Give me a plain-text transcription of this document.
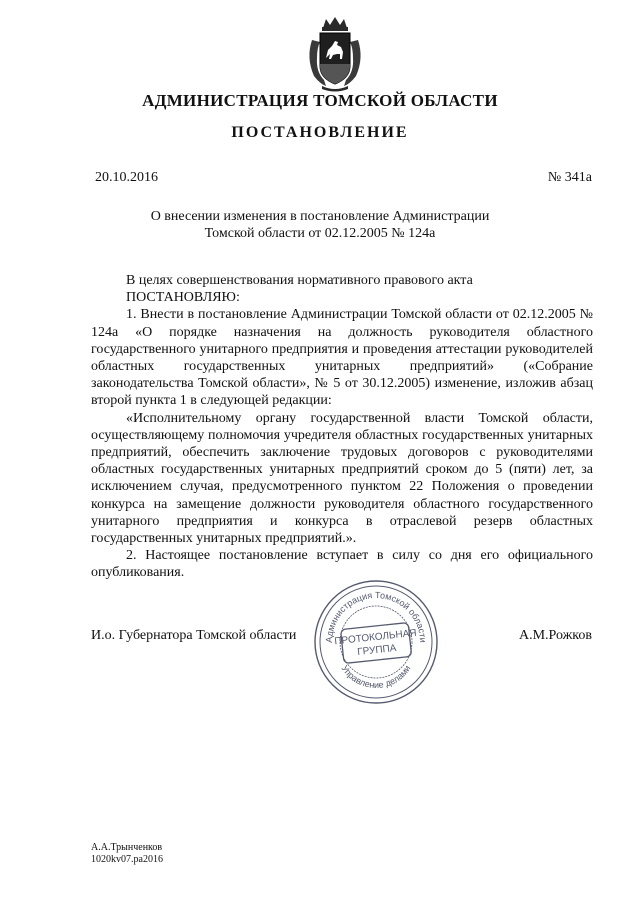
АДМИНИСТРАЦИЯ ТОМСКОЙ ОБЛАСТИ
ПОСТАНОВЛЕНИЕ
20.10.2016	№ 341а
О внесении изменения в постановление Администрации
Томской области от 02.12.2005 № 124а

В целях совершенствования нормативного правового акта

ПОСТАНОВЛЯЮ:

1. Внести в постановление Администрации Томской области от 02.12.2005 № 124а «О порядке назначения на должность руководителя областного государственного унитарного предприятия и проведения аттестации руководителей областных государственных унитарных предприятий» («Собрание законодательства Томской области», № 5 от 30.12.2005) изменение, изложив абзац второй пункта 1 в следующей редакции:

«Исполнительному органу государственной власти Томской области, осуществляющему полномочия учредителя областных государственных унитарных предприятий, обеспечить заключение трудовых договоров с руководителями областных государственных унитарных предприятий сроком до 5 (пяти) лет, за исключением случая, предусмотренного пунктом 22 Положения о проведении конкурса на замещение должности руководителя областного государственного унитарного предприятия и конкурса в отраслевой резерв областных государственных унитарных предприятий.».

2. Настоящее постановление вступает в силу со дня его официального опубликования.

Администрация Томской области
Управление делами
ПРОТОКОЛЬНАЯ
ГРУППА
И.о. Губернатора Томской области	А.М.Рожков
А.А.Трынченков
1020kv07.pa2016
